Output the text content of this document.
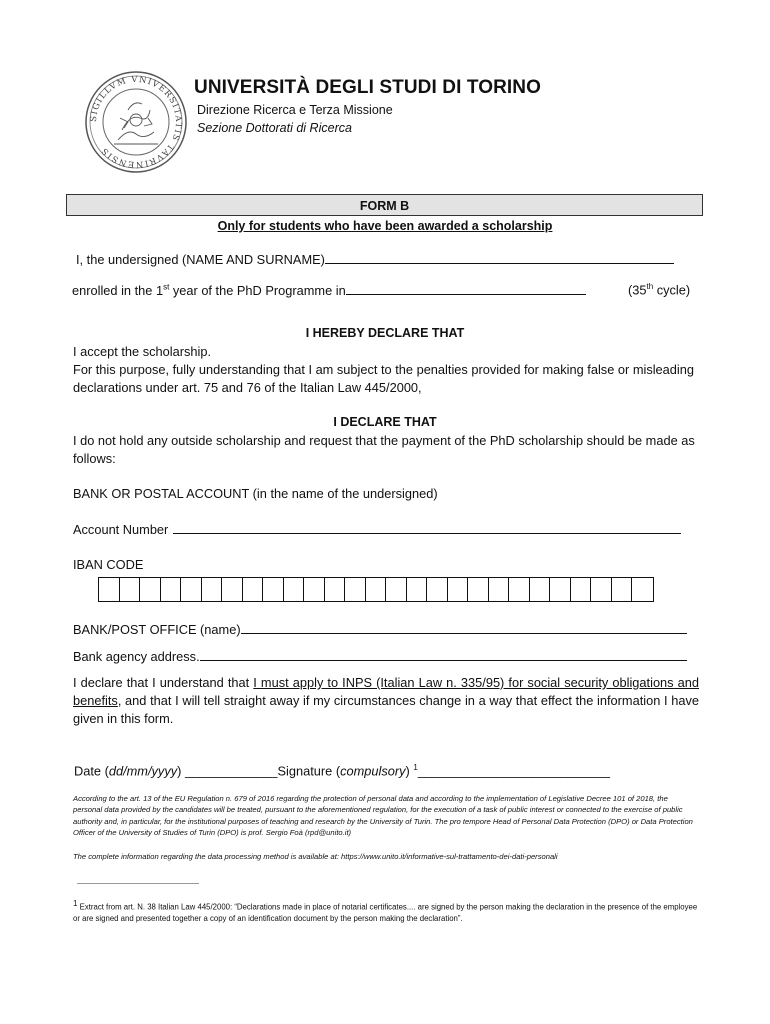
SIGILLVM VNIVERSITATIS TAVRINENSIS
UNIVERSITÀ DEGLI STUDI DI TORINO
Direzione Ricerca e Terza Missione
Sezione Dottorati di Ricerca
FORM B
Only for students who have been awarded a scholarship
I, the undersigned (NAME AND SURNAME)
enrolled in the 1st year of the PhD Programme in	(35th cycle)
I HEREBY DECLARE THAT
I accept the scholarship.
For this purpose, fully understanding that I am subject to the penalties provided for making false or misleading declarations under art. 75 and 76 of the Italian Law 445/2000,
I DECLARE THAT
I do not hold any outside scholarship and request that the payment of the PhD scholarship should be made as follows:
BANK OR POSTAL ACCOUNT (in the name of the undersigned)
Account Number
IBAN CODE
BANK/POST OFFICE (name)
Bank agency address.
I declare that I understand that I must apply to INPS (Italian Law n. 335/95) for social security obligations and benefits, and that I will tell straight away if my circumstances change in a way that effect the information I have given in this form.
Date (dd/mm/yyyy) _____________Signature (compulsory) $^1$___________________________
According to the art. 13 of the EU Regulation n. 679 of 2016 regarding the protection of personal data and according to the implementation of Legislative Decree 101 of 2018, the personal data provided by the candidates will be treated, pursuant to the aforementioned regulation, for the execution of a task of public interest or connected to the exercise of public authority and, in particular, for the institutional purposes of teaching and research by the University of Turin. The pro tempore Head of Personal Data Protection (DPO) or Data Protection Officer of the University of Studies of Turin (DPO) is prof. Sergio Foà (rpd@unito.it)
The complete information regarding the data processing method is available at: https://www.unito.it/informative-sul-trattamento-dei-dati-personali
$^1$ Extract from art. N. 38 Italian Law 445/2000: “Declarations made in place of notarial certificates.... are signed by the person making the declaration in the presence of the employee or are signed and presented together a copy of an identification document by the person making the declaration”.
